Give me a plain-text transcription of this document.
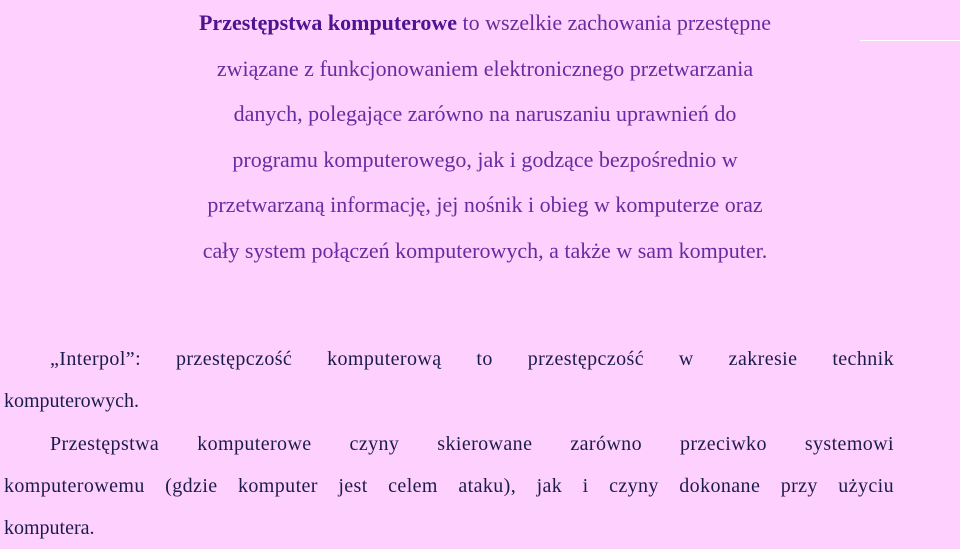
Przestępstwa komputerowe to wszelkie zachowania przestępne
związane z funkcjonowaniem elektronicznego przetwarzania
danych, polegające zarówno na naruszaniu uprawnień do
programu komputerowego, jak i godzące bezpośrednio w
przetwarzaną informację, jej nośnik i obieg w komputerze oraz
cały system połączeń komputerowych, a także w sam komputer.
„Interpol”: przestępczość komputerową to przestępczość w zakresie technik
komputerowych.
Przestępstwa komputerowe czyny skierowane zarówno przeciwko systemowi
komputerowemu (gdzie komputer jest celem ataku), jak i czyny dokonane przy użyciu
komputera.
